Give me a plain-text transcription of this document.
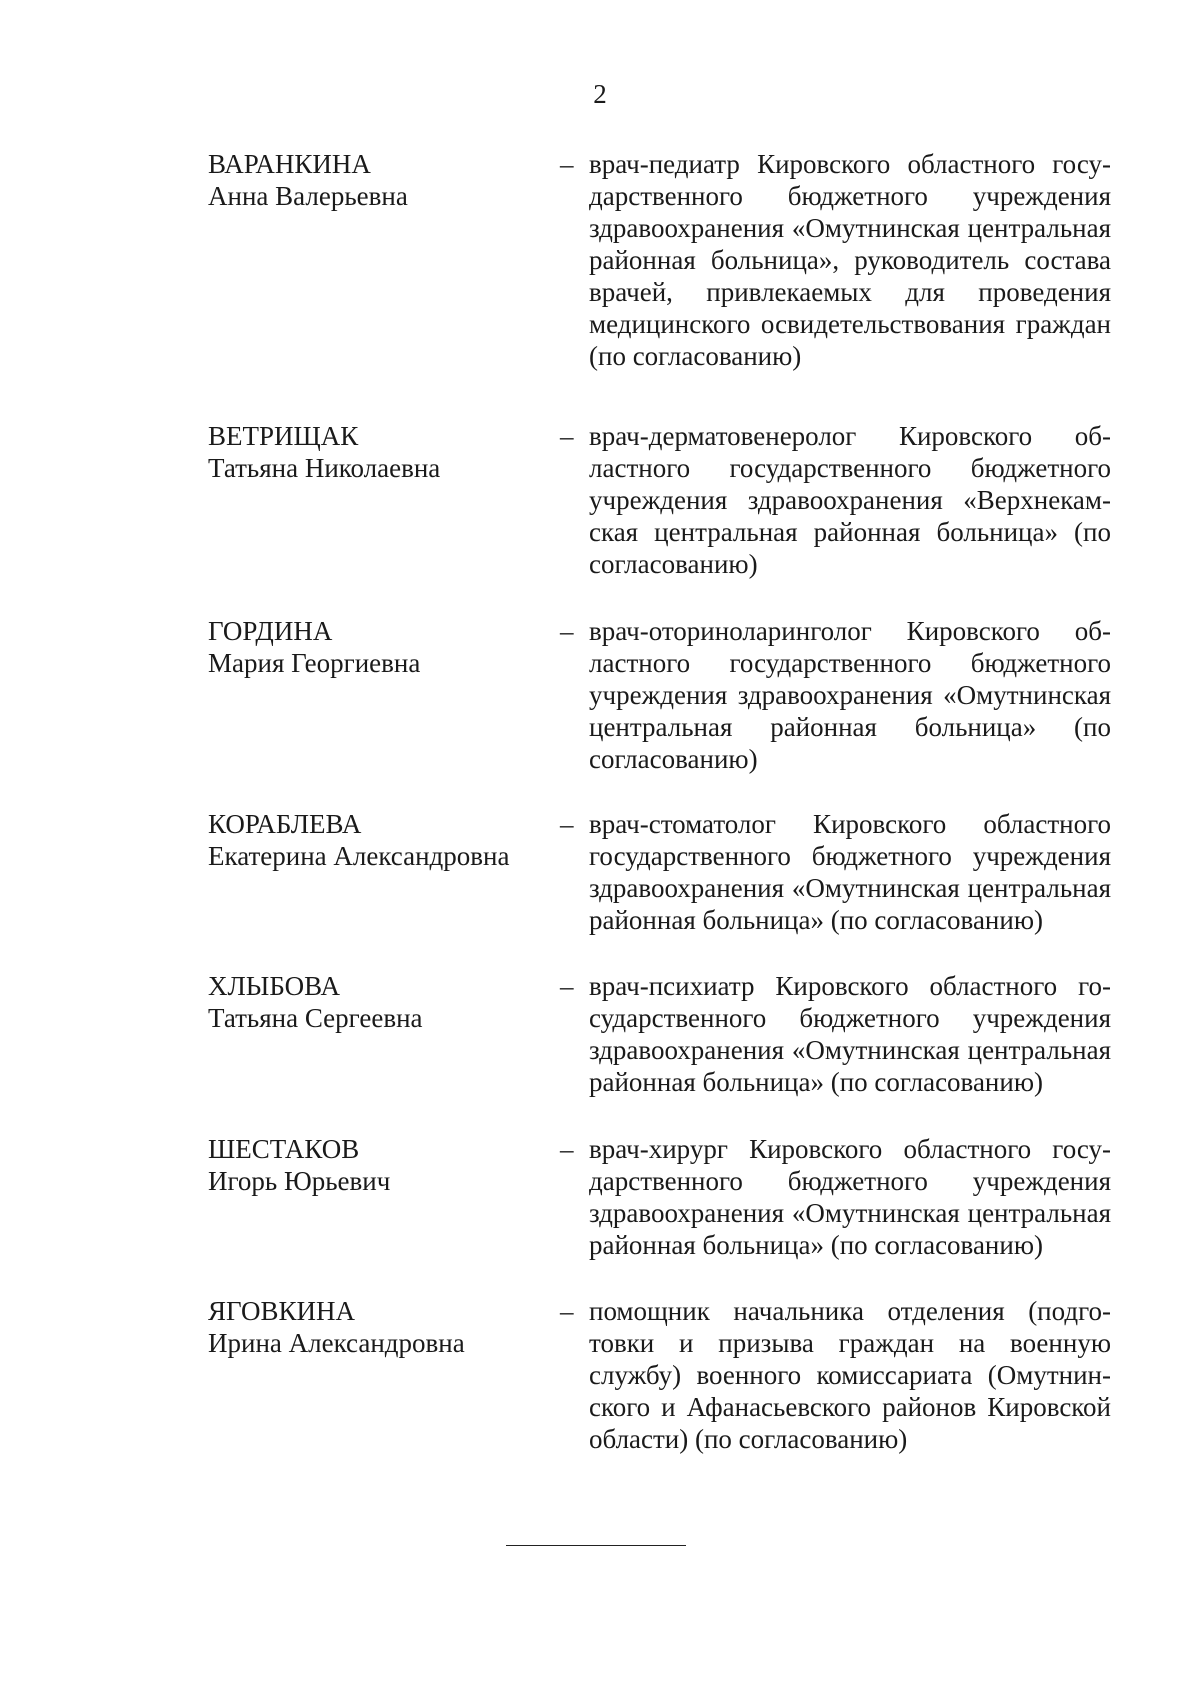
2
ВАРАНКИНА
Анна Валерьевна
– врач-педиатр Кировского областного государственного бюджетного учреждения здравоохранения «Омутнинская центральная районная больница», руководитель состава врачей, привлекаемых для проведения медицинского освидетельствования граждан (по согласованию)
ВЕТРИЩАК
Татьяна Николаевна
– врач-дерматовенеролог Кировского областного государственного бюджетного учреждения здравоохранения «Верхнекамская центральная районная больница» (по согласованию)
ГОРДИНА
Мария Георгиевна
– врач-оториноларинголог Кировского областного государственного бюджетного учреждения здравоохранения «Омутнинская центральная районная больница» (по согласованию)
КОРАБЛЕВА
Екатерина Александровна
– врач-стоматолог Кировского областного государственного бюджетного учреждения здравоохранения «Омутнинская центральная районная больница» (по согласованию)
ХЛЫБОВА
Татьяна Сергеевна
– врач-психиатр Кировского областного государственного бюджетного учреждения здравоохранения «Омутнинская центральная районная больница» (по согласованию)
ШЕСТАКОВ
Игорь Юрьевич
– врач-хирург Кировского областного государственного бюджетного учреждения здравоохранения «Омутнинская центральная районная больница» (по согласованию)
ЯГОВКИНА
Ирина Александровна
– помощник начальника отделения (подготовки и призыва граждан на военную службу) военного комиссариата (Омутнинского и Афанасьевского районов Кировской области) (по согласованию)
